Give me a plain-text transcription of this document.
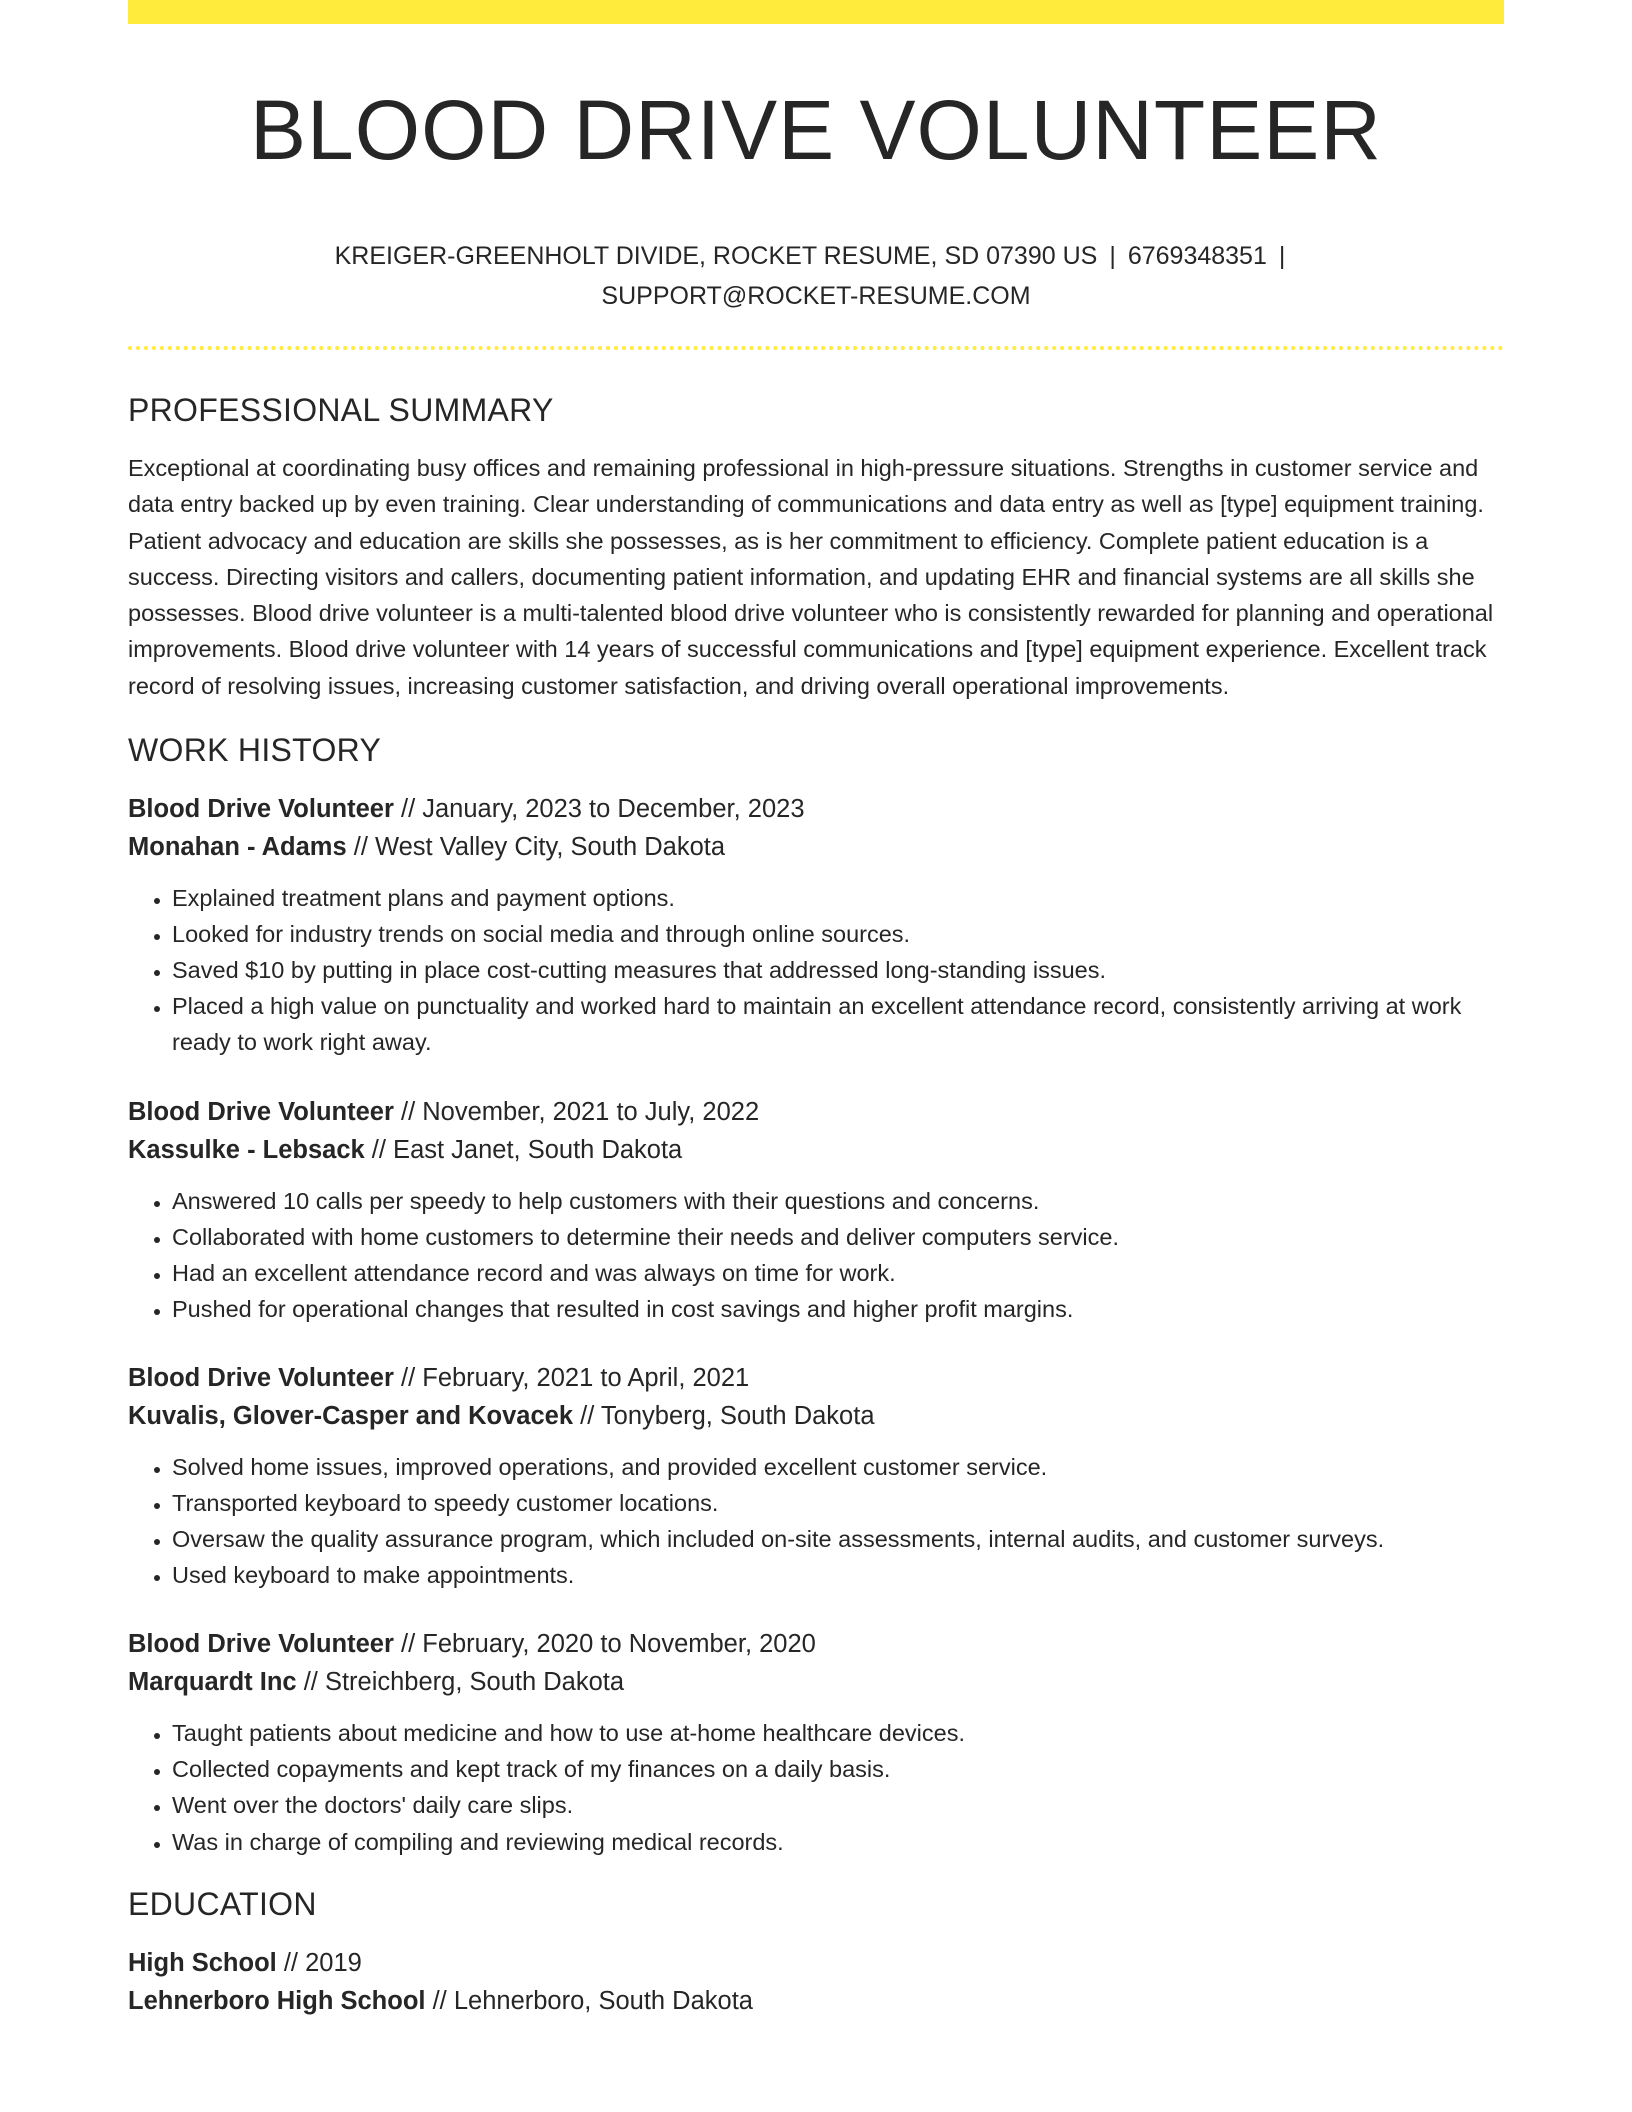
BLOOD DRIVE VOLUNTEER
KREIGER-GREENHOLT DIVIDE, ROCKET RESUME, SD 07390 US | 6769348351 |
SUPPORT@ROCKET-RESUME.COM
PROFESSIONAL SUMMARY

Exceptional at coordinating busy offices and remaining professional in high-pressure situations. Strengths in customer service and data entry backed up by even training. Clear understanding of communications and data entry as well as [type] equipment training. Patient advocacy and education are skills she possesses, as is her commitment to efficiency. Complete patient education is a success. Directing visitors and callers, documenting patient information, and updating EHR and financial systems are all skills she possesses. Blood drive volunteer is a multi-talented blood drive volunteer who is consistently rewarded for planning and operational improvements. Blood drive volunteer with 14 years of successful communications and [type] equipment experience. Excellent track record of resolving issues, increasing customer satisfaction, and driving overall operational improvements.

WORK HISTORY
Blood Drive Volunteer // January, 2023 to December, 2023
Monahan - Adams // West Valley City, South Dakota
• Explained treatment plans and payment options.
• Looked for industry trends on social media and through online sources.
• Saved $10 by putting in place cost-cutting measures that addressed long-standing issues.
• Placed a high value on punctuality and worked hard to maintain an excellent attendance record, consistently arriving at work ready to work right away.
Blood Drive Volunteer // November, 2021 to July, 2022
Kassulke - Lebsack // East Janet, South Dakota
• Answered 10 calls per speedy to help customers with their questions and concerns.
• Collaborated with home customers to determine their needs and deliver computers service.
• Had an excellent attendance record and was always on time for work.
• Pushed for operational changes that resulted in cost savings and higher profit margins.
Blood Drive Volunteer // February, 2021 to April, 2021
Kuvalis, Glover-Casper and Kovacek // Tonyberg, South Dakota
• Solved home issues, improved operations, and provided excellent customer service.
• Transported keyboard to speedy customer locations.
• Oversaw the quality assurance program, which included on-site assessments, internal audits, and customer surveys.
• Used keyboard to make appointments.
Blood Drive Volunteer // February, 2020 to November, 2020
Marquardt Inc // Streichberg, South Dakota
• Taught patients about medicine and how to use at-home healthcare devices.
• Collected copayments and kept track of my finances on a daily basis.
• Went over the doctors' daily care slips.
• Was in charge of compiling and reviewing medical records.
EDUCATION
High School // 2019
Lehnerboro High School // Lehnerboro, South Dakota
